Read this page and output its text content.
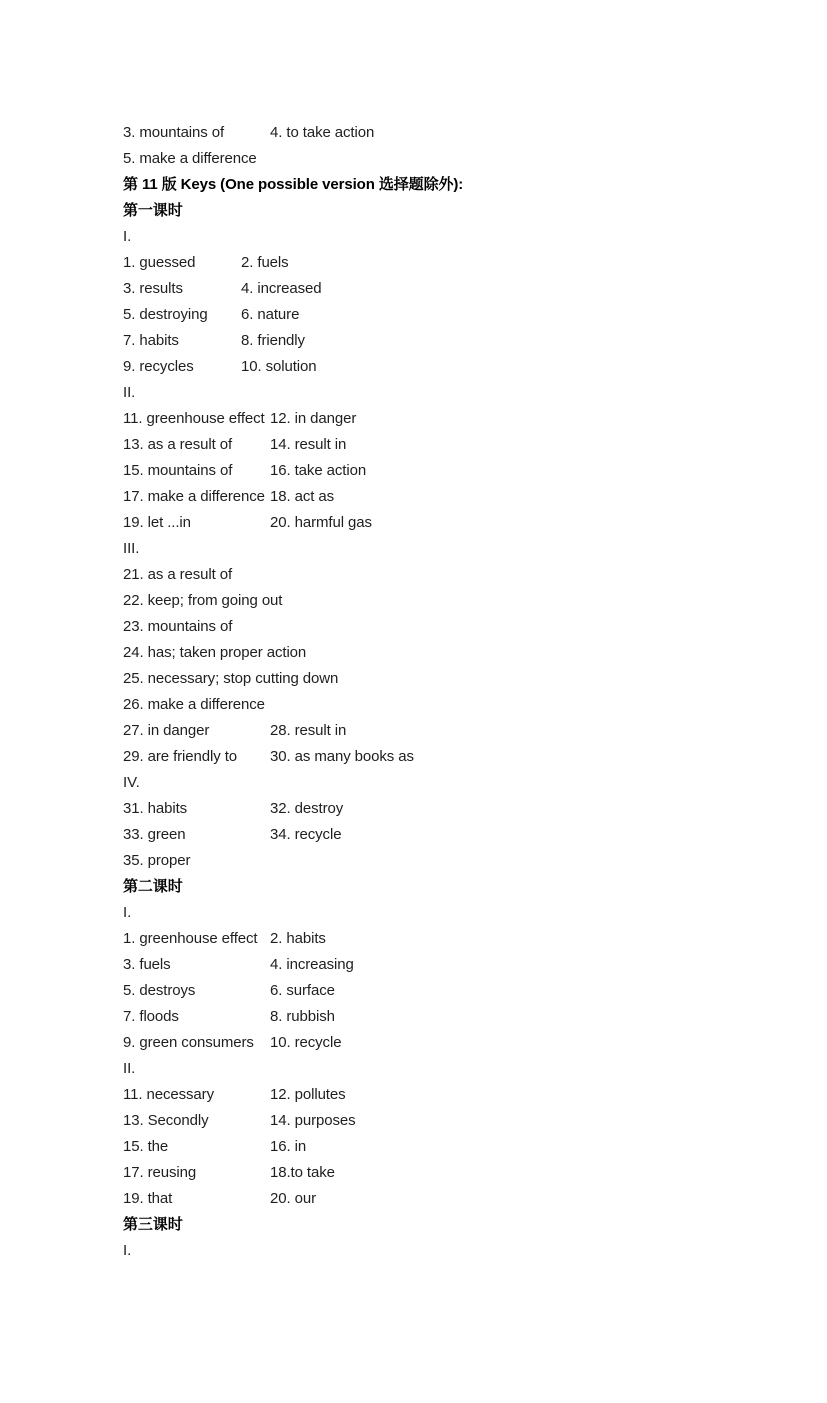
3. mountains of	4. to take action
5. make a difference
第 11 版 Keys (One possible version 选择题除外):
第一课时
I.
1. guessed	2. fuels
3. results	4. increased
5. destroying 6. nature
7. habits	8. friendly
9. recycles	10. solution
II.
11. greenhouse effect 12. in danger
13. as a result of	14. result in
15. mountains of	16. take action
17. make a difference 18. act as
19. let ...in	20. harmful gas
III.
21. as a result of
22. keep; from going out
23. mountains of
24. has; taken proper action
25. necessary; stop cutting down
26. make a difference
27. in danger	28. result in
29. are friendly to 30. as many books as
IV.
31. habits	32. destroy
33. green	34. recycle
35. proper
第二课时
I.
1. greenhouse effect 2. habits
3. fuels	4. increasing
5. destroys	6. surface
7. floods	8. rubbish
9. green consumers 10. recycle
II.
11. necessary	12. pollutes
13. Secondly	14. purposes
15. the	16. in
17. reusing	18.to take
19. that	20. our
第三课时
I.
